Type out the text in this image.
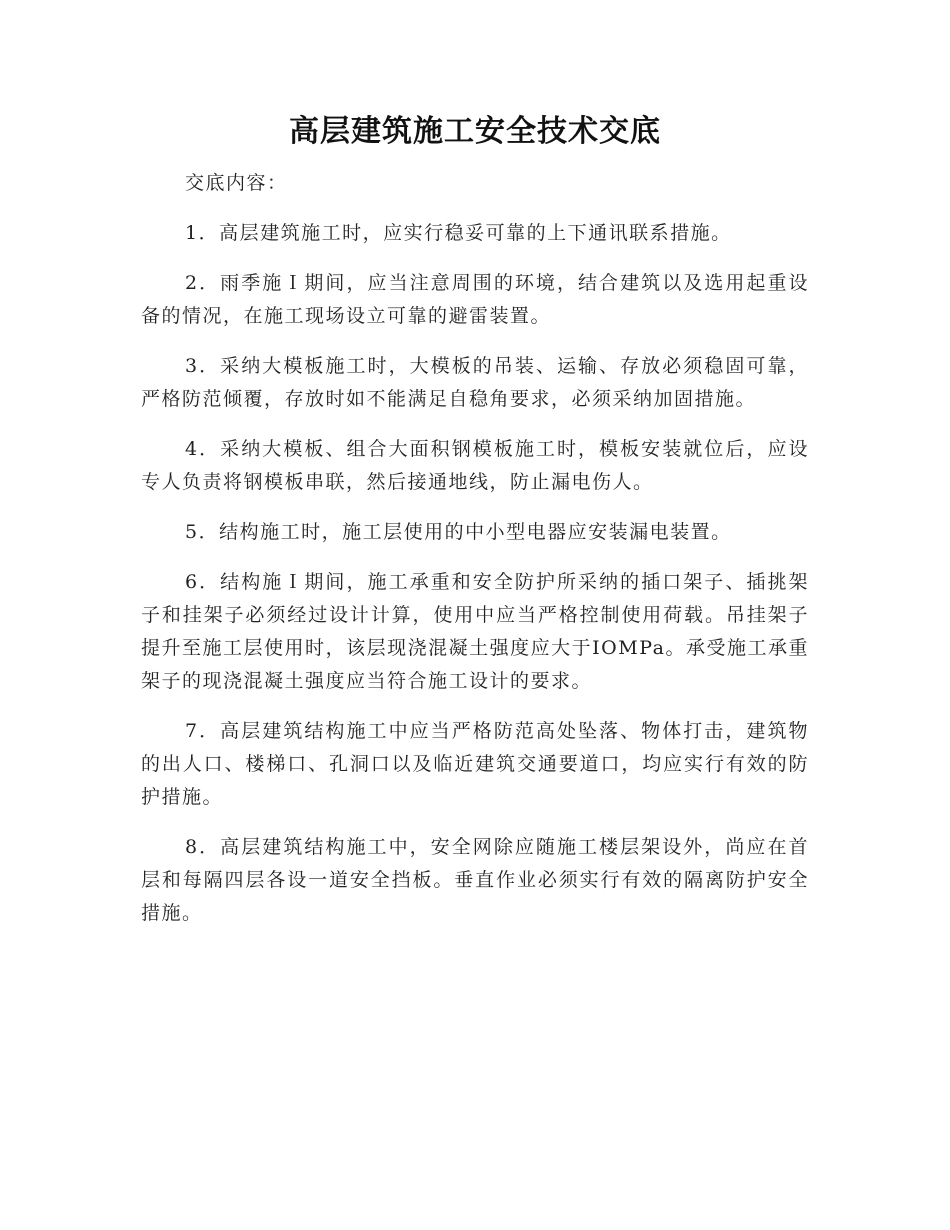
高层建筑施工安全技术交底

交底内容：

1．高层建筑施工时，应实行稳妥可靠的上下通讯联系措施。

2．雨季施Ｉ期间，应当注意周围的环境，结合建筑以及选用起重设备的情况，在施工现场设立可靠的避雷装置。

3．采纳大模板施工时，大模板的吊装、运输、存放必须稳固可靠，严格防范倾覆，存放时如不能满足自稳角要求，必须采纳加固措施。

4．采纳大模板、组合大面积钢模板施工时，模板安装就位后，应设专人负责将钢模板串联，然后接通地线，防止漏电伤人。

5．结构施工时，施工层使用的中小型电器应安装漏电装置。

6．结构施Ｉ期间，施工承重和安全防护所采纳的插口架子、插挑架子和挂架子必须经过设计计算，使用中应当严格控制使用荷载。吊挂架子提升至施工层使用时，该层现浇混凝土强度应大于IOMPa。承受施工承重架子的现浇混凝土强度应当符合施工设计的要求。

7．高层建筑结构施工中应当严格防范高处坠落、物体打击，建筑物的出人口、楼梯口、孔洞口以及临近建筑交通要道口，均应实行有效的防护措施。

8．高层建筑结构施工中，安全网除应随施工楼层架设外，尚应在首层和每隔四层各设一道安全挡板。垂直作业必须实行有效的隔离防护安全措施。
